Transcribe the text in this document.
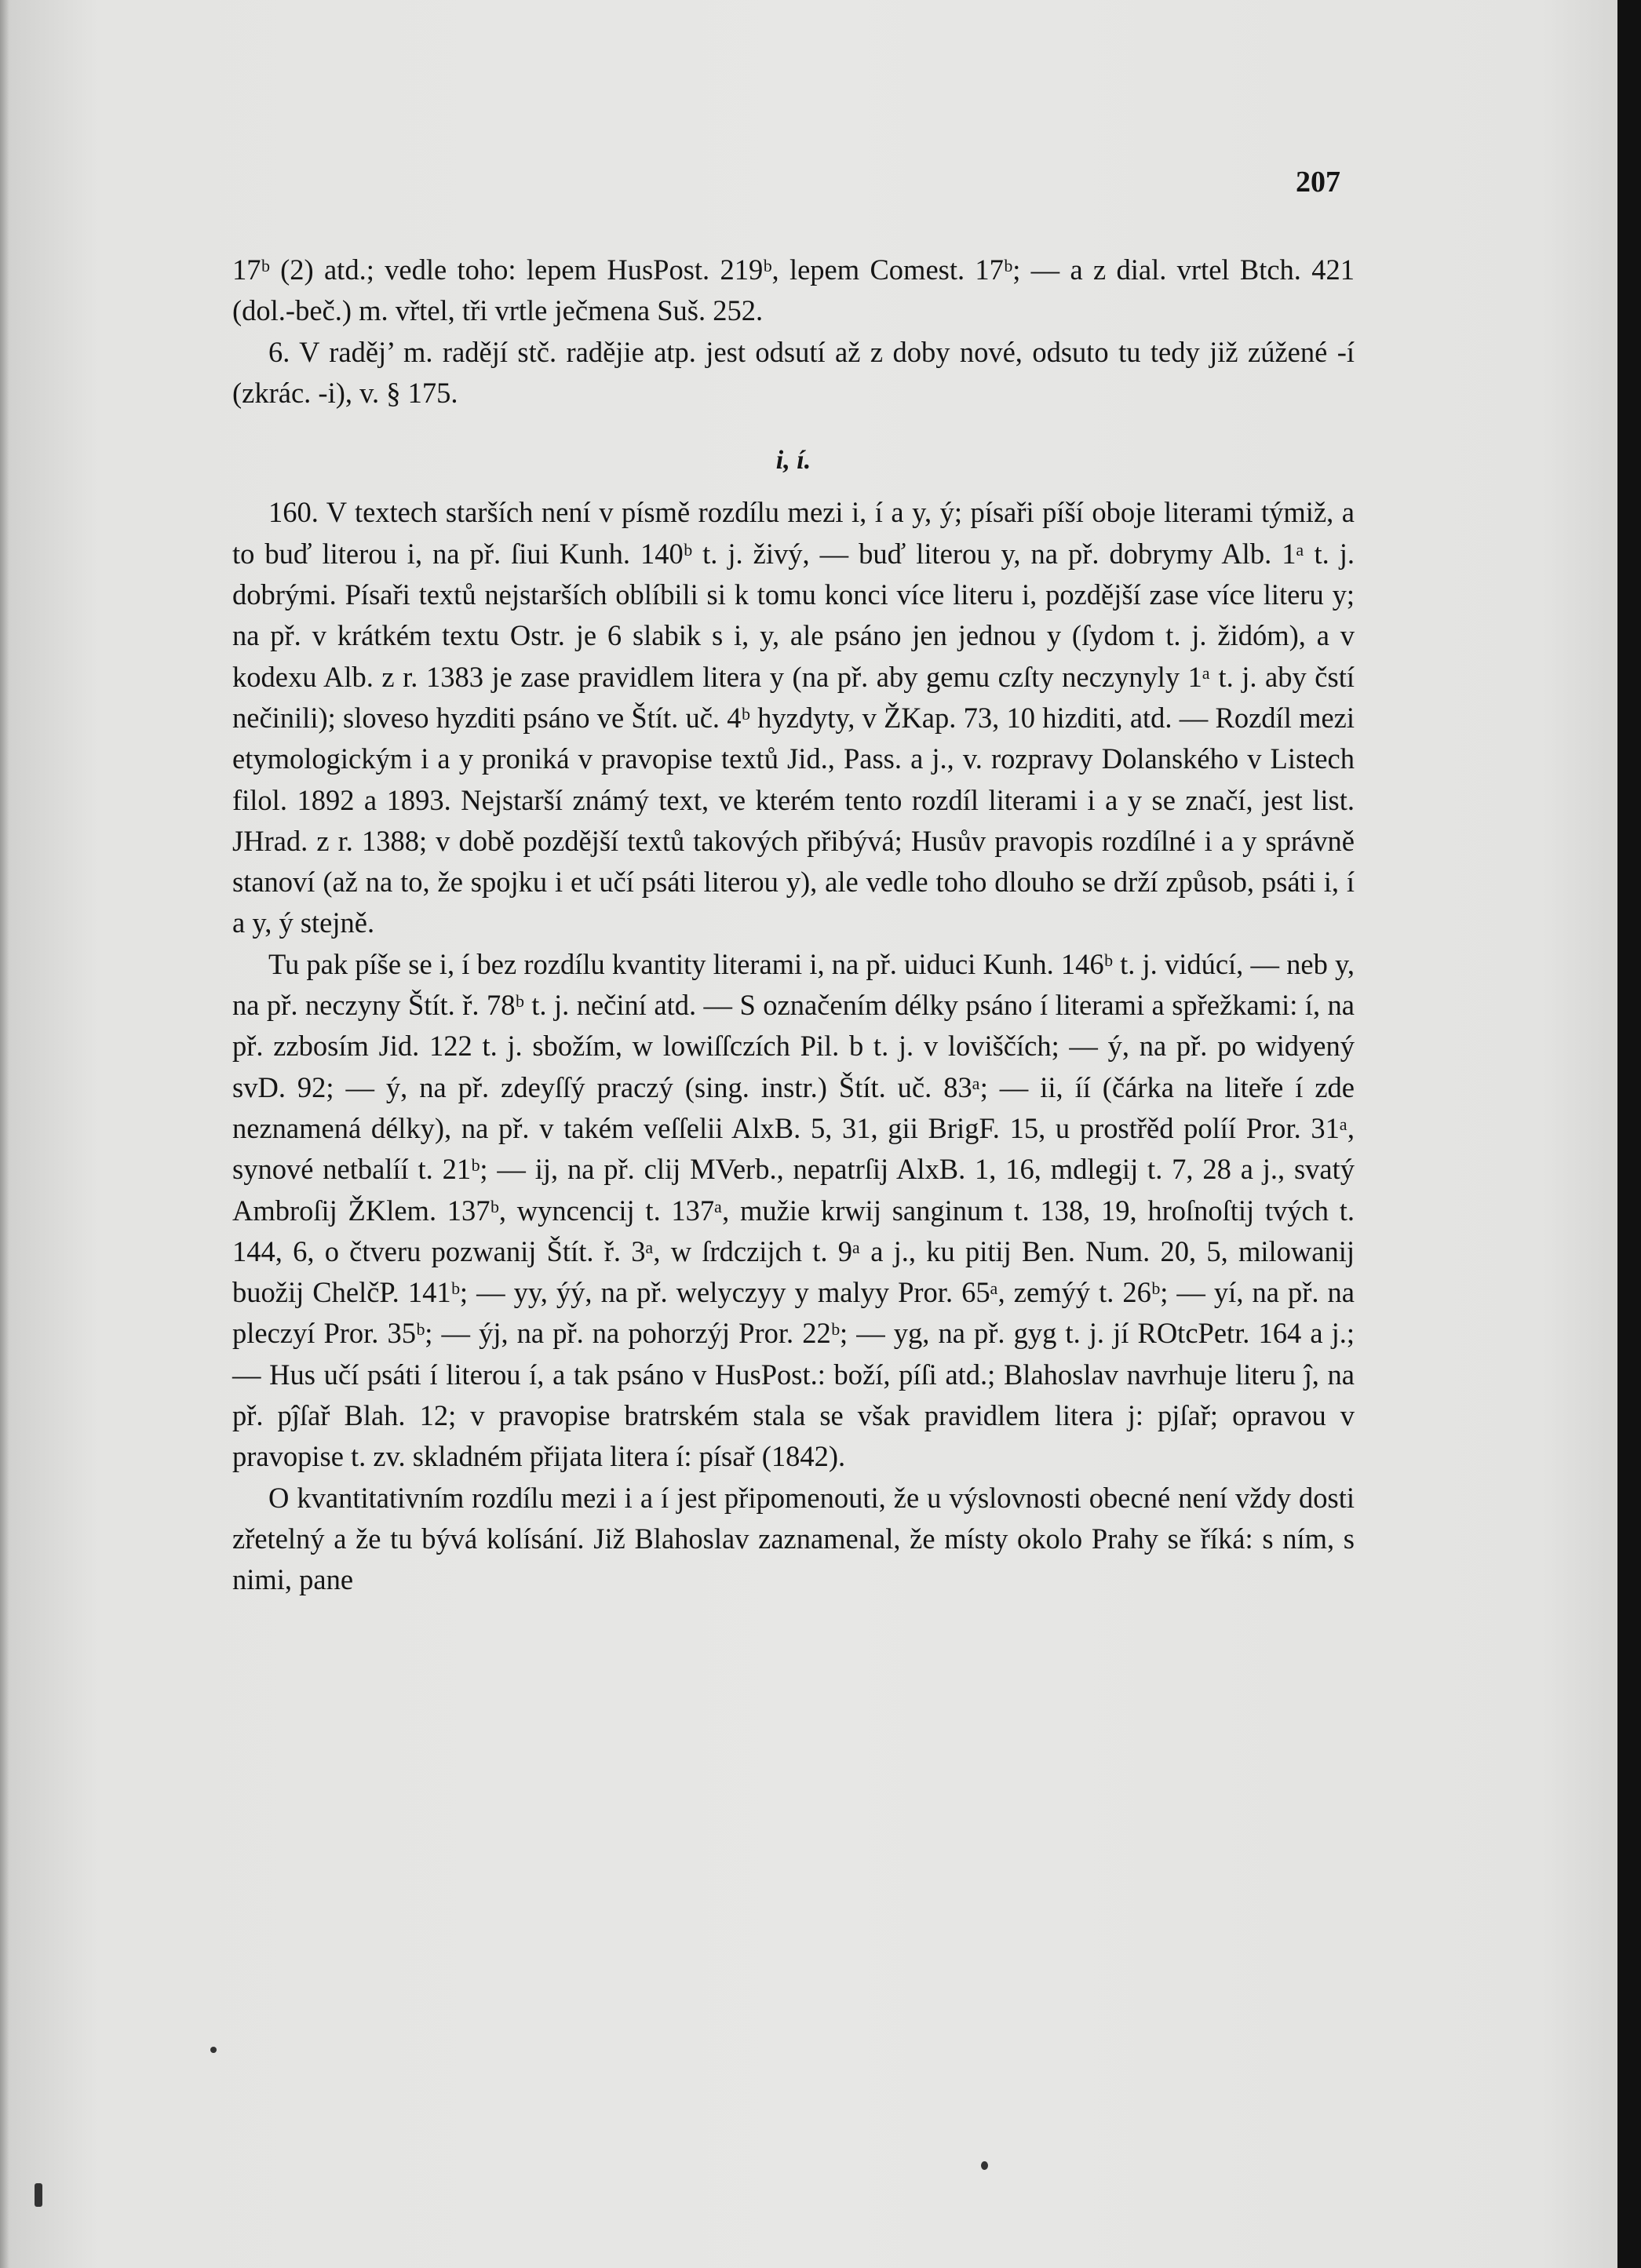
207

17ᵇ (2) atd.; vedle toho: lepem HusPost. 219ᵇ, lepem Comest. 17ᵇ; — a z dial. vrtel Btch. 421 (dol.-beč.) m. vřtel, tři vrtle ječmena Suš. 252.

6. V raděj’ m. radějí stč. radějie atp. jest odsutí až z doby nové, odsuto tu tedy již zúžené -í (zkrác. -i), v. § 175.

i, í.

160. V textech starších není v písmě rozdílu mezi i, í a y, ý; písaři píší oboje literami týmiž, a to buď literou i, na př. ſiui Kunh. 140ᵇ t. j. živý, — buď literou y, na př. dobrymy Alb. 1ᵃ t. j. dobrými. Písaři textů nejstarších oblíbili si k tomu konci více literu i, pozdější zase více literu y; na př. v krátkém textu Ostr. je 6 slabik s i, y, ale psáno jen jednou y (ſydom t. j. židóm), a v kodexu Alb. z r. 1383 je zase pravidlem litera y (na př. aby gemu czſty neczynyly 1ᵃ t. j. aby čstí nečinili); sloveso hyzditi psáno ve Štít. uč. 4ᵇ hyzdyty, v ŽKap. 73, 10 hizditi, atd. — Rozdíl mezi etymologickým i a y proniká v pravopise textů Jid., Pass. a j., v. rozpravy Dolanského v Listech filol. 1892 a 1893. Nejstarší známý text, ve kterém tento rozdíl literami i a y se značí, jest list. JHrad. z r. 1388; v době pozdější textů takových přibývá; Husův pravopis rozdílné i a y správně stanoví (až na to, že spojku i et učí psáti literou y), ale vedle toho dlouho se drží způsob, psáti i, í a y, ý stejně.

Tu pak píše se i, í bez rozdílu kvantity literami i, na př. uiduci Kunh. 146ᵇ t. j. vidúcí, — neb y, na př. neczyny Štít. ř. 78ᵇ t. j. nečiní atd. — S označením délky psáno í literami a spřežkami: í, na př. zzbosím Jid. 122 t. j. sbožím, w lowiſſczích Pil. b t. j. v loviščích; — ý, na př. po widyený svD. 92; — ý, na př. zdeyſſý praczý (sing. instr.) Štít. uč. 83ᵃ; — ii, íí (čárka na liteře í zde neznamená délky), na př. v takém veſſelii AlxB. 5, 31, gii BrigF. 15, u prostřěd políí Pror. 31ᵃ, synové netbalíí t. 21ᵇ; — ij, na př. clij MVerb., nepatrſij AlxB. 1, 16, mdlegij t. 7, 28 a j., svatý Ambroſij ŽKlem. 137ᵇ, wyncencij t. 137ᵃ, mužie krwij sanginum t. 138, 19, hroſnoſtij tvých t. 144, 6, o čtveru pozwanij Štít. ř. 3ᵃ, w ſrdczijch t. 9ᵃ a j., ku pitij Ben. Num. 20, 5, milowanij buožij ChelčP. 141ᵇ; — yy, ýý, na př. welyczyy y malyy Pror. 65ᵃ, zemýý t. 26ᵇ; — yí, na př. na pleczyí Pror. 35ᵇ; — ýj, na př. na pohorzýj Pror. 22ᵇ; — yg, na př. gyg t. j. jí ROtcPetr. 164 a j.; — Hus učí psáti í literou í, a tak psáno v HusPost.: boží, píſi atd.; Blahoslav navrhuje literu ĵ, na př. pĵſař Blah. 12; v pravopise bratrském stala se však pravidlem litera j: pjſař; opravou v pravopise t. zv. skladném přijata litera í: písař (1842).

O kvantitativním rozdílu mezi i a í jest připomenouti, že u výslovnosti obecné není vždy dosti zřetelný a že tu bývá kolísání. Již Blahoslav zaznamenal, že místy okolo Prahy se říká: s ním, s nimi, pane
